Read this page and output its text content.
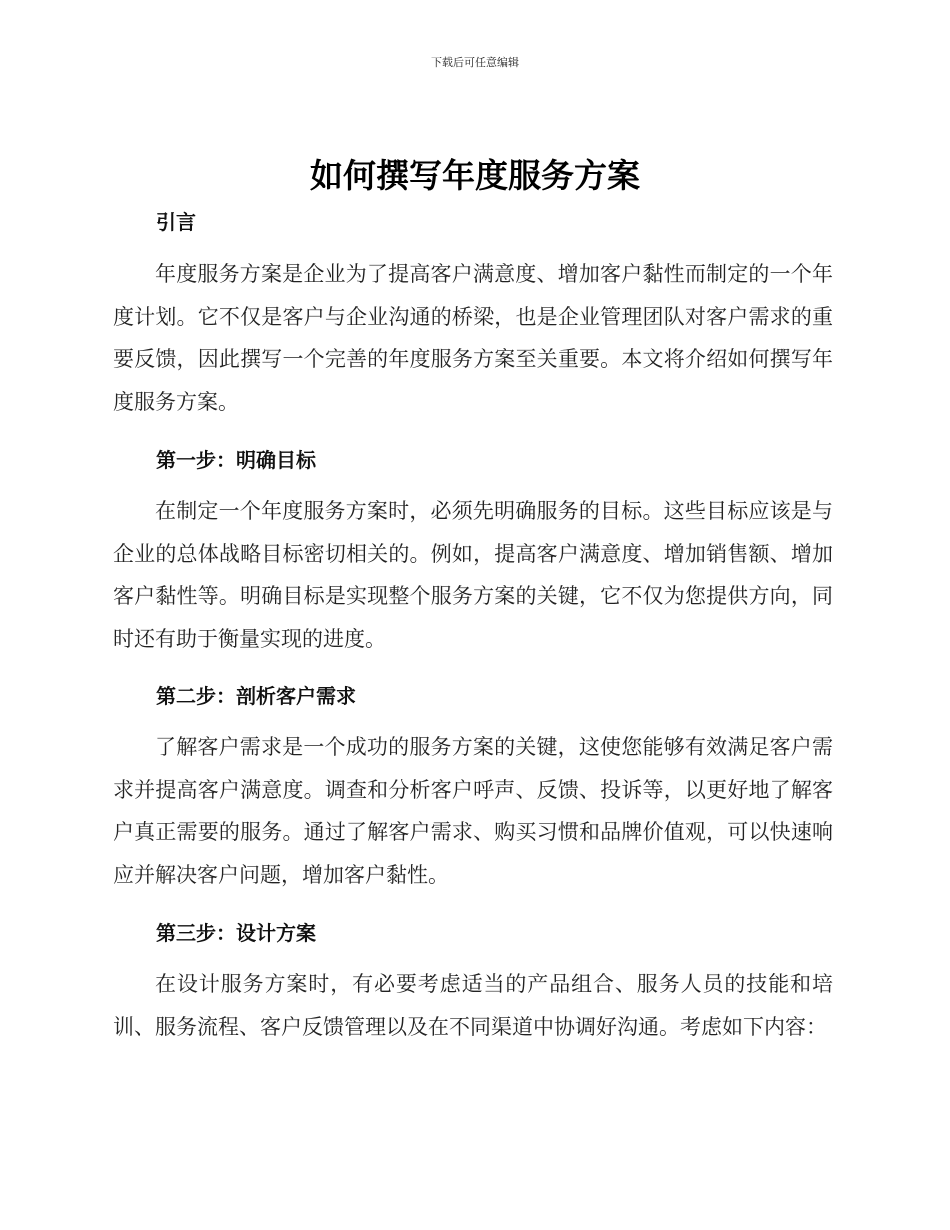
下载后可任意编辑
如何撰写年度服务方案
引言

年度服务方案是企业为了提高客户满意度、增加客户黏性而制定的一个年度计划。它不仅是客户与企业沟通的桥梁，也是企业管理团队对客户需求的重要反馈，因此撰写一个完善的年度服务方案至关重要。本文将介绍如何撰写年度服务方案。

第一步：明确目标

在制定一个年度服务方案时，必须先明确服务的目标。这些目标应该是与企业的总体战略目标密切相关的。例如，提高客户满意度、增加销售额、增加客户黏性等。明确目标是实现整个服务方案的关键，它不仅为您提供方向，同时还有助于衡量实现的进度。

第二步：剖析客户需求

了解客户需求是一个成功的服务方案的关键，这使您能够有效满足客户需求并提高客户满意度。调查和分析客户呼声、反馈、投诉等，以更好地了解客户真正需要的服务。通过了解客户需求、购买习惯和品牌价值观，可以快速响应并解决客户问题，增加客户黏性。

第三步：设计方案

在设计服务方案时，有必要考虑适当的产品组合、服务人员的技能和培训、服务流程、客户反馈管理以及在不同渠道中协调好沟通。考虑如下内容：
